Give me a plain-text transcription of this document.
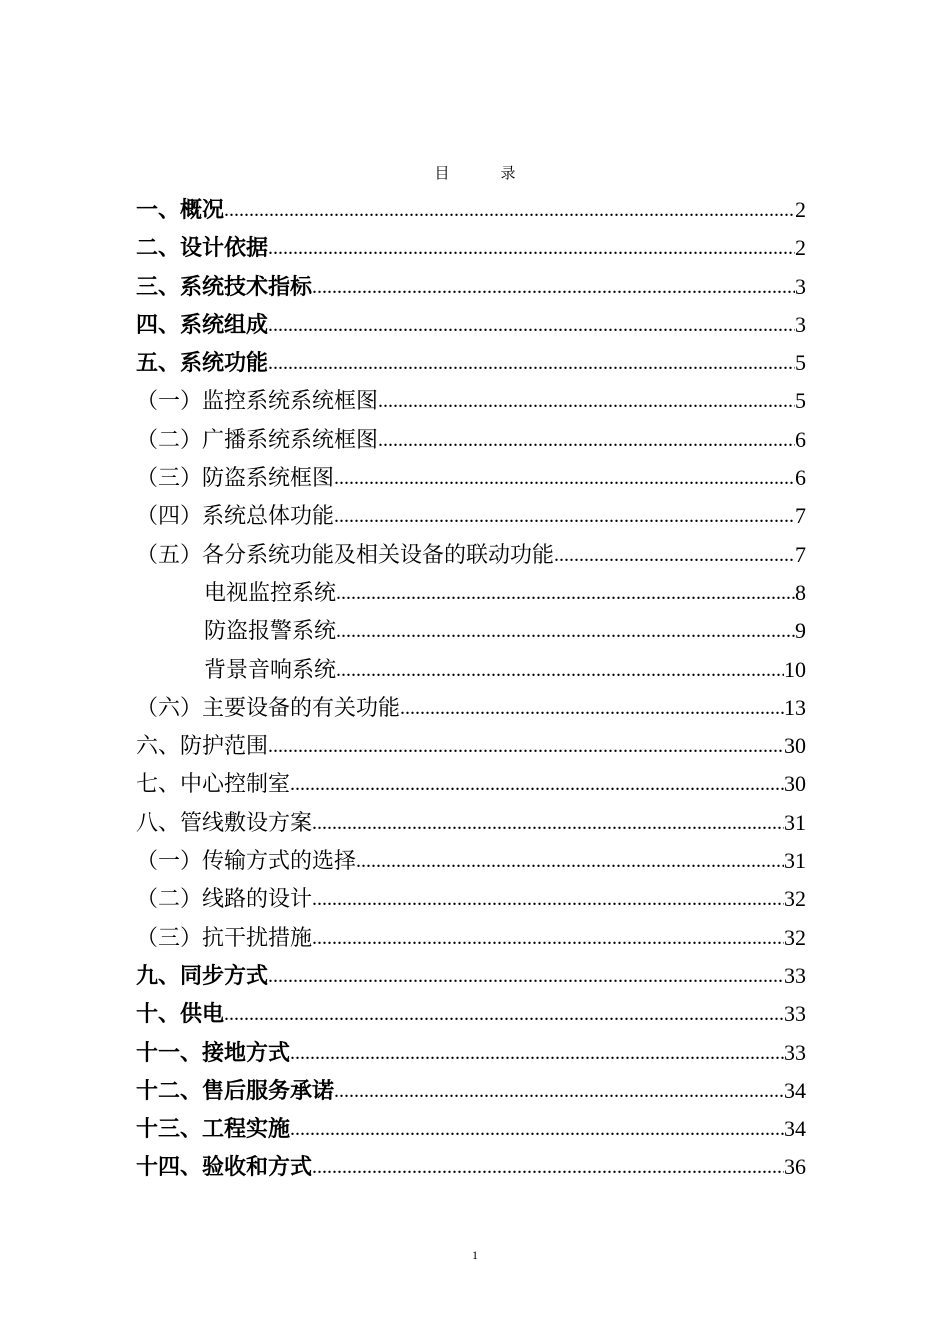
目　录
一、概况 .....	2
二、设计依据 .....	2
三、系统技术指标 .....	3
四、系统组成 .....	3
五、系统功能 .....	5
（一）监控系统系统框图 .....	5
（二）广播系统系统框图 .....	6
（三）防盗系统框图 .....	6
（四）系统总体功能 .....	7
（五）各分系统功能及相关设备的联动功能 .....	7
电视监控系统 .....	8
防盗报警系统 .....	9
背景音响系统 .....	10
（六）主要设备的有关功能 .....	13
六、防护范围 .....	30
七、中心控制室 .....	30
八、管线敷设方案 .....	31
（一）传输方式的选择 .....	31
（二）线路的设计 .....	32
（三）抗干扰措施 .....	32
九、同步方式 .....	33
十、供电 .....	33
十一、接地方式 .....	33
十二、售后服务承诺 .....	34
十三、工程实施 .....	34
十四、验收和方式 .....	36
1
